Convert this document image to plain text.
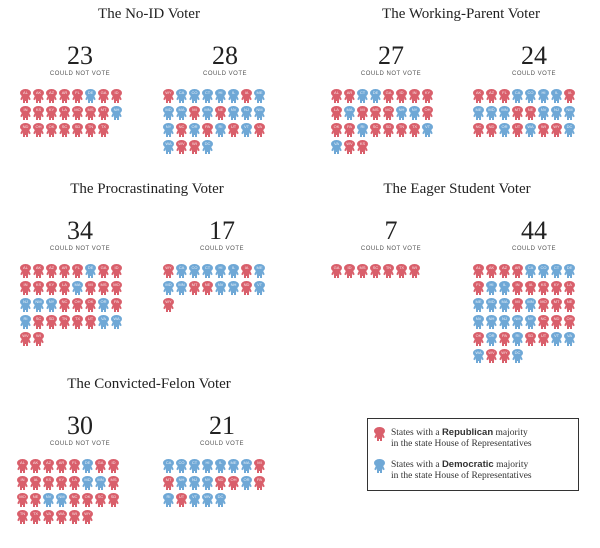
The No-ID Voter
23
COULD NOT VOTE
AL	AK	AZ	AR	FL	DE	GA	ID
IN	KS	KY	LA	MO	MS	MT	NH
ND	OH	OK	SC	SD	TN	TX
28
COULD VOTE
WY	CA	CO	CT	HI	IL	IA	ME
MD	MA	MI	MN	NE	NV	NJ	NM
NY	NC	OR	PA	RI	UT	VT	VA
WA	WV	WI	DC
The Working-Parent Voter
27
COULD NOT VOTE
AL	AR	CT	DE	GA	ID	IN	KY
LA	MA	MI	MS	MO	NH	NY	OH
OK	PA	RI	SC	SD	TN	TX	VT
VA	WV	KS
24
COULD VOTE
AK	AZ	FL	CA	CO	HI	IL	IA
ME	MD	MN	MT	NE	NV	NJ	NM
NC	ND	OR	UT	WA	WI	WY	DC
The Procrastinating Voter
34
COULD NOT VOTE
AL	AK	AZ	AR	FL	DE	GA	ID
IN	KS	KY	LA	MA	MI	MS	MO
NJ	NM	NY	NC	OH	OK	OR	PA
RI	SC	SD	TN	TX	UT	VA	WA
WV	WI
17
COULD VOTE
WY	CA	CO	CT	HI	IL	IA	ME
MD	MN	MT	NE	NV	NH	ND	VT
WY
The Eager Student Voter
7
COULD NOT VOTE
GA	ID	MS	SC	TN	TX	WI
44
COULD VOTE
AL	AK	AZ	AR	CA	CO	CT	DE
FL	HI	IL	IN	IA	KS	KY	LA
ME	MD	MA	MI	MN	MO	MT	NE
NV	NH	NJ	NM	NY	NC	ND	OH
OK	OR	PA	RI	SD	UT	VT	VA
WA	WV	WY	DC
The Convicted-Felon Voter
30
COULD NOT VOTE
AL	AK	AZ	AR	FL	DE	GA	ID
IN	IA	KS	KY	LA	MD	MN	MS
MO	NE	NV	NM	NC	OK	SC	SD
TN	TX	VA	WA	WI	WY
21
COULD VOTE
CA	CO	CT	HI	IL	ME	MA	MI
MT	NH	NJ	NY	ND	OH	OR	PA
RI	UT	VT	WV	DC
States with a Republican majority
in the state House of Representatives
States with a Democratic majority
in the state House of Representatives
